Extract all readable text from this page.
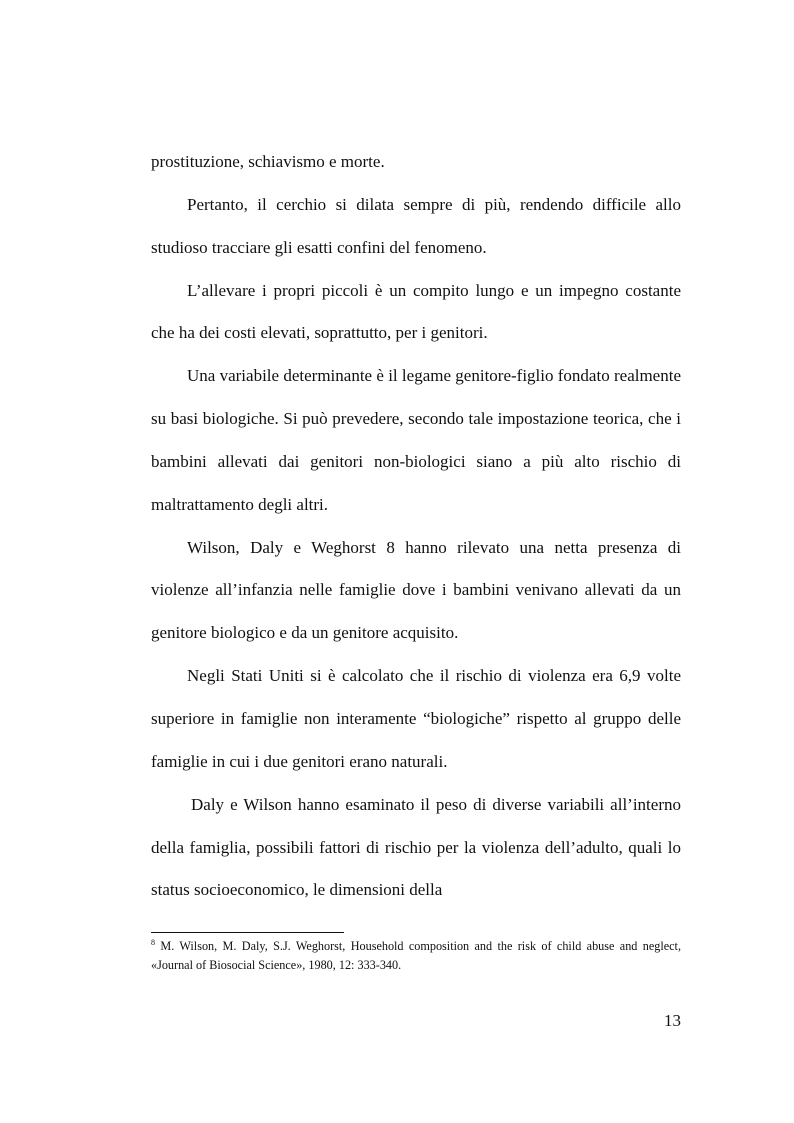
prostituzione, schiavismo e morte.

Pertanto, il cerchio si dilata sempre di più, rendendo difficile allo studioso tracciare gli esatti confini del fenomeno.

L’allevare i propri piccoli è un compito lungo e un impegno costante che ha dei costi elevati, soprattutto, per i genitori.

Una variabile determinante è il legame genitore-figlio fondato realmente su basi biologiche. Si può prevedere, secondo tale impostazione teorica, che i bambini allevati dai genitori non-biologici siano a più alto rischio di maltrattamento degli altri.

Wilson, Daly e Weghorst 8 hanno rilevato una netta presenza di violenze all’infanzia nelle famiglie dove i bambini venivano allevati da un genitore biologico e da un genitore acquisito.

Negli Stati Uniti si è calcolato che il rischio di violenza era 6,9 volte superiore in famiglie non interamente “biologiche” rispetto al gruppo delle famiglie in cui i due genitori erano naturali.

Daly e Wilson hanno esaminato il peso di diverse variabili all’interno della famiglia, possibili fattori di rischio per la violenza dell’adulto, quali lo status socioeconomico, le dimensioni della

$^8$ M. Wilson, M. Daly, S.J. Weghorst, Household composition and the risk of child abuse and neglect, «Journal of Biosocial Science», 1980, 12: 333-340.

13
